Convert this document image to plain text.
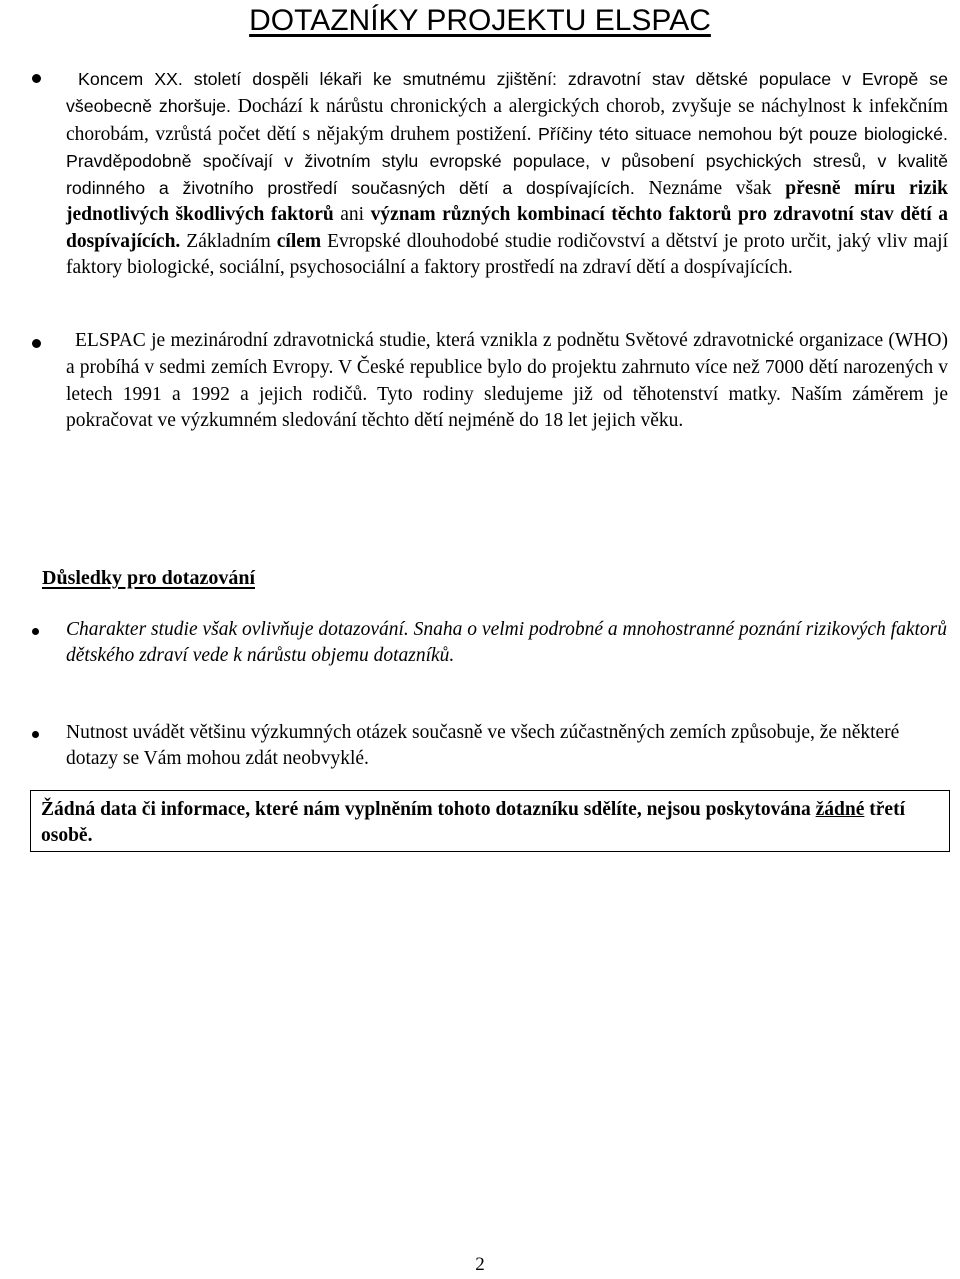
DOTAZNÍKY PROJEKTU ELSPAC

Koncem XX. století dospěli lékaři ke smutnému zjištění: zdravotní stav dětské populace v Evropě se všeobecně zhoršuje. Dochází k nárůstu chronických a alergických chorob, zvyšuje se náchylnost k infekčním chorobám, vzrůstá počet dětí s nějakým druhem postižení. Příčiny této situace nemohou být pouze biologické. Pravděpodobně spočívají v životním stylu evropské populace, v působení psychických stresů, v kvalitě rodinného a životního prostředí současných dětí a dospívajících. Neznáme však přesně míru rizik jednotlivých škodlivých faktorů ani význam různých kombinací těchto faktorů pro zdravotní stav dětí a dospívajících. Základním cílem Evropské dlouhodobé studie rodičovství a dětství je proto určit, jaký vliv mají faktory biologické, sociální, psychosociální a faktory prostředí na zdraví dětí a dospívajících.

ELSPAC je mezinárodní zdravotnická studie, která vznikla z podnětu Světové zdravotnické organizace (WHO) a probíhá v sedmi zemích Evropy. V České republice bylo do projektu zahrnuto více než 7000 dětí narozených v letech 1991 a 1992 a jejich rodičů. Tyto rodiny sledujeme již od těhotenství matky. Naším záměrem je pokračovat ve výzkumném sledování těchto dětí nejméně do 18 let jejich věku.

Důsledky pro dotazování

Charakter studie však ovlivňuje dotazování. Snaha o velmi podrobné a mnohostranné poznání rizikových faktorů dětského zdraví vede k nárůstu objemu dotazníků.

Nutnost uvádět většinu výzkumných otázek současně ve všech zúčastněných zemích způsobuje, že některé dotazy se Vám mohou zdát neobvyklé.

Žádná data či informace, které nám vyplněním tohoto dotazníku sdělíte, nejsou poskytována žádné třetí osobě.

2
